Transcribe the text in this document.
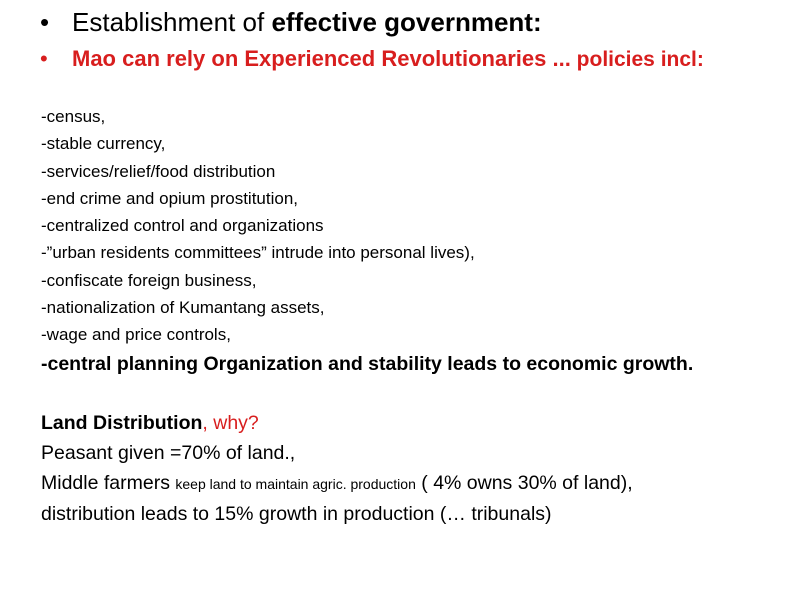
• Establishment of effective government:
•	Mao can rely on Experienced Revolutionaries ... policies incl:
-census,
-stable currency,
-services/relief/food distribution
-end crime and opium prostitution,
-centralized control and organizations
-”urban residents committees” intrude into personal lives),
-confiscate foreign business,
-nationalization of Kumantang assets,
-wage and price controls,
-central planning Organization and stability leads to economic growth.
Land Distribution, why?
Peasant given =70% of land.,
Middle farmers keep land to maintain agric. production ( 4% owns 30% of land),
distribution leads to 15% growth in production (… tribunals)
